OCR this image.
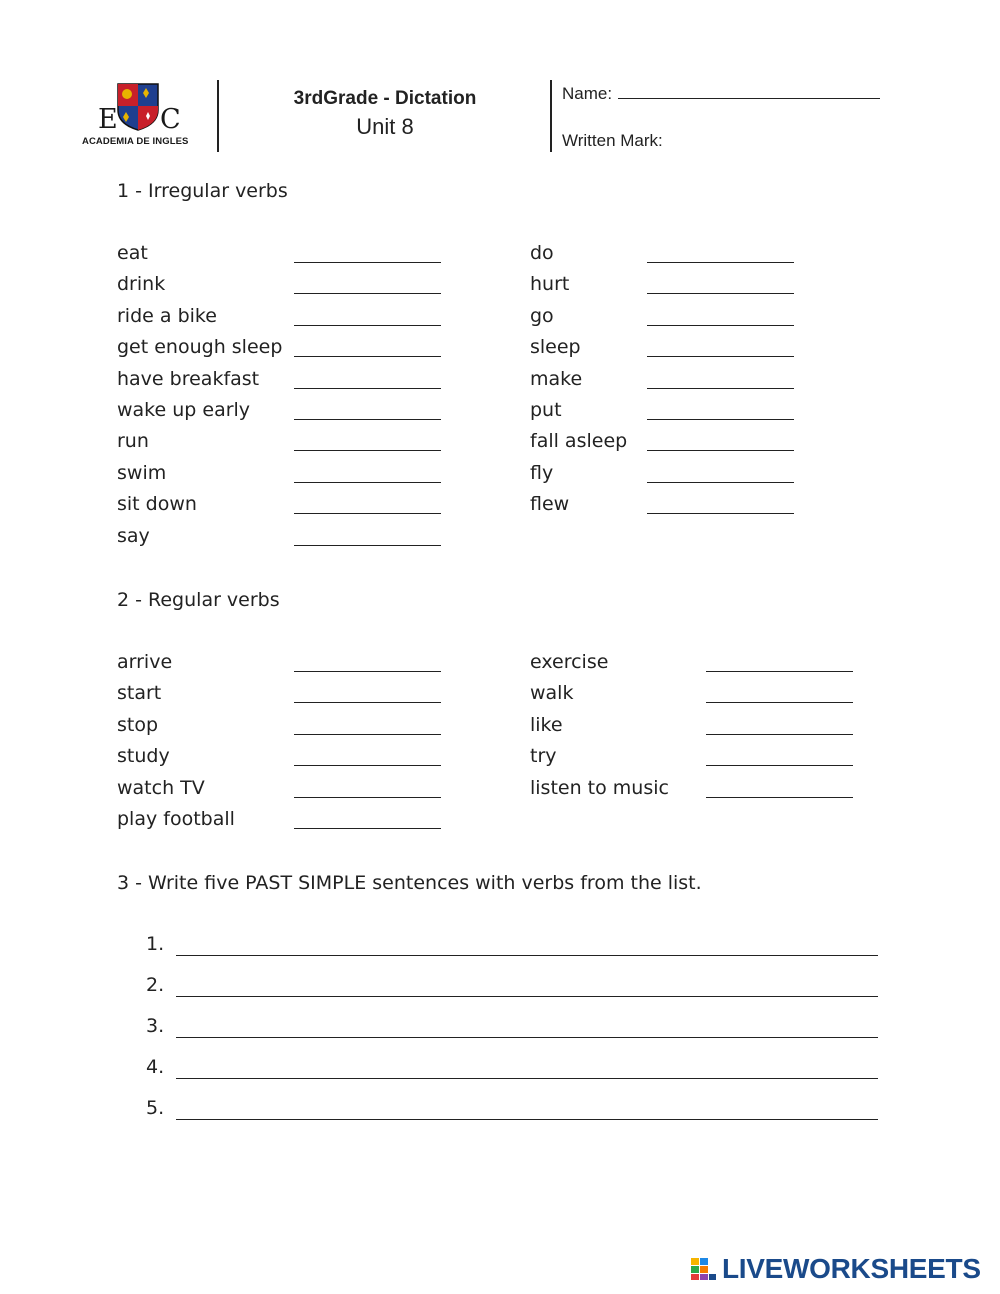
E C
ACADEMIA DE INGLES
3rdGrade - Dictation
Unit 8
Name:
Written Mark:
1 - Irregular verbs
eat
drink
ride a bike
get enough sleep
have breakfast
wake up early
run
swim
sit down
say
do
hurt
go
sleep
make
put
fall asleep
fly
flew
2 - Regular verbs
arrive
start
stop
study
watch TV
play football
exercise
walk
like
try
listen to music
3 - Write five PAST SIMPLE sentences with verbs from the list.
1.
2.
3.
4.
5.
LIVEWORKSHEETS
